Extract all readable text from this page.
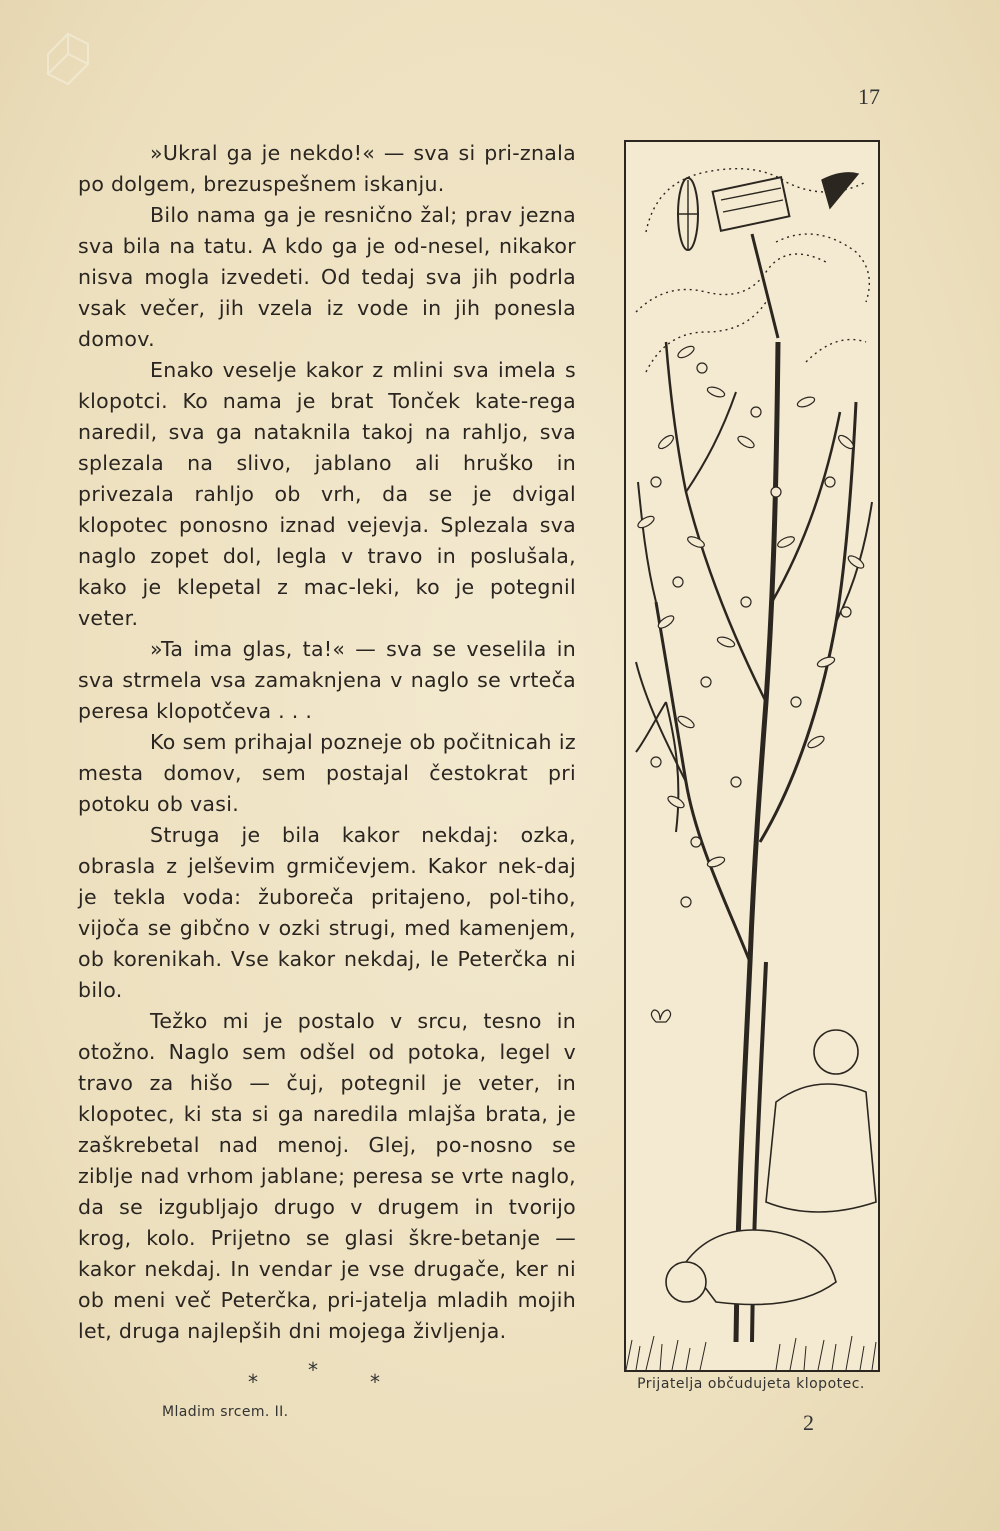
17

»Ukral ga je nekdo!« — sva si pri-znala po dolgem, brezuspešnem iskanju.

Bilo nama ga je resnično žal; prav jezna sva bila na tatu. A kdo ga je od-nesel, nikakor nisva mogla izvedeti. Od tedaj sva jih podrla vsak večer, jih vzela iz vode in jih ponesla domov.

Enako veselje kakor z mlini sva imela s klopotci. Ko nama je brat Tonček kate-rega naredil, sva ga nataknila takoj na rahljo, sva splezala na slivo, jablano ali hruško in privezala rahljo ob vrh, da se je dvigal klopotec ponosno iznad vejevja. Splezala sva naglo zopet dol, legla v travo in poslušala, kako je klepetal z mac-leki, ko je potegnil veter.

»Ta ima glas, ta!« — sva se veselila in sva strmela vsa zamaknjena v naglo se vrteča peresa klopotčeva . . .

Ko sem prihajal pozneje ob počitnicah iz mesta domov, sem postajal čestokrat pri potoku ob vasi.

Struga je bila kakor nekdaj: ozka, obrasla z jelševim grmičevjem. Kakor nek-daj je tekla voda: žuboreča pritajeno, pol-tiho, vijoča se gibčno v ozki strugi, med kamenjem, ob korenikah. Vse kakor nekdaj, le Peterčka ni bilo.

Težko mi je postalo v srcu, tesno in otožno. Naglo sem odšel od potoka, legel v travo za hišo — čuj, potegnil je veter, in klopotec, ki sta si ga naredila mlajša brata, je zaškrebetal nad menoj. Glej, po-nosno se ziblje nad vrhom jablane; peresa se vrte naglo, da se izgubljajo drugo v drugem in tvorijo krog, kolo. Prijetno se glasi škre-betanje — kakor nekdaj. In vendar je vse drugače, ker ni ob meni več Peterčka, pri-jatelja mladih mojih let, druga najlepših dni mojega življenja.

*	*	*
Mladim srcem. II.	2
Prijatelja občudujeta klopotec.
